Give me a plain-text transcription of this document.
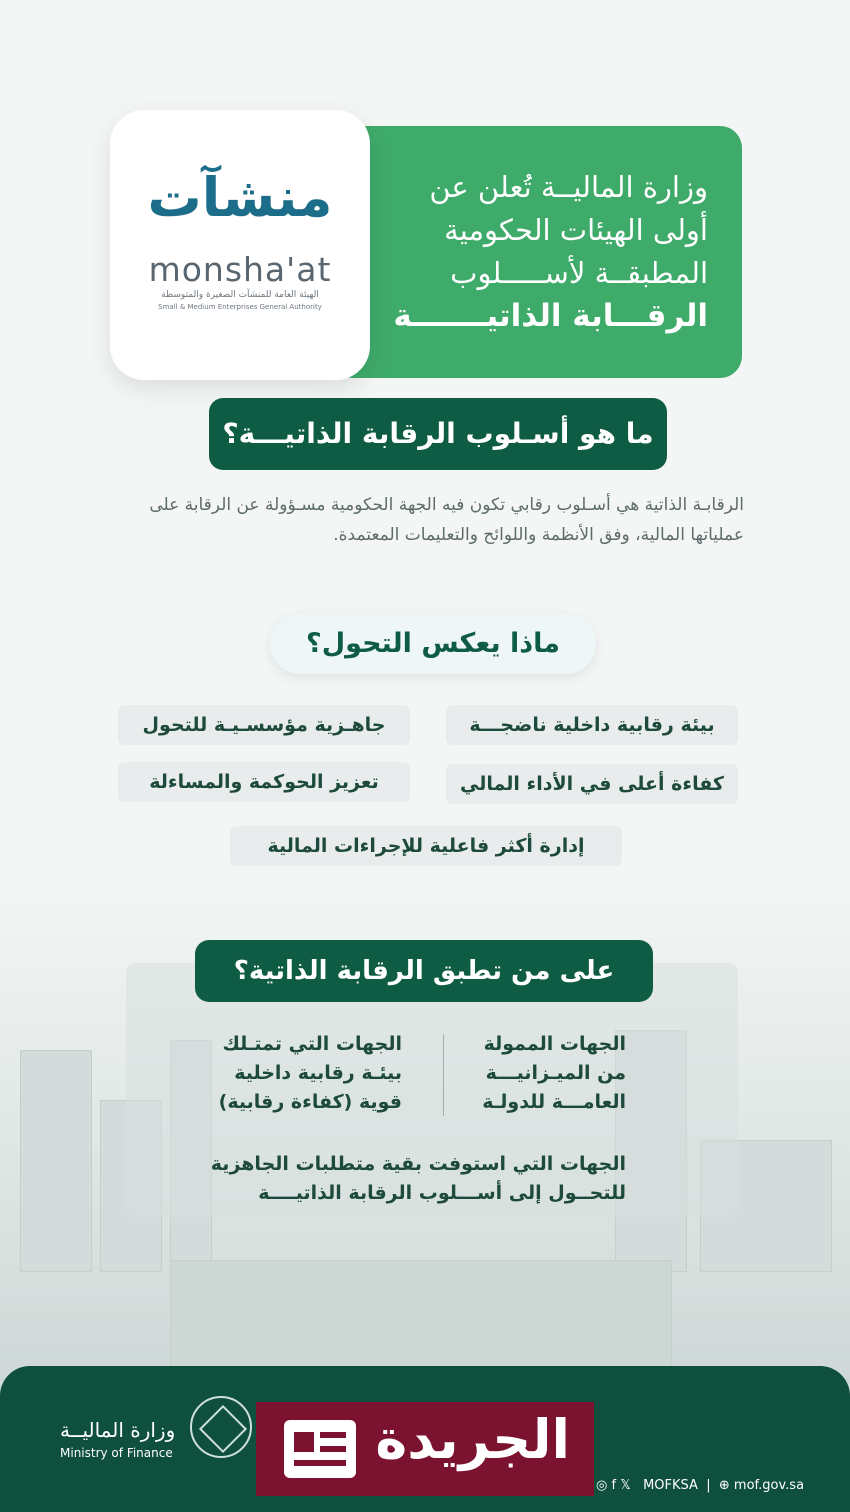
وزارة الماليــة تُعلن عن
أولى الهيئات الحكومية
المطبقــة لأســـــلوب
الرقـــابة الذاتيـــــــة
منشآت
monsha'at
الهيئة العامة للمنشآت الصغيرة والمتوسطة
Small & Medium Enterprises General Authority
ما هو أسـلوب الرقابة الذاتيـــة؟
الرقابـة الذاتية هي أسـلوب رقابي تكون فيه الجهة الحكومية مسـؤولة عن الرقابة على عملياتها المالية، وفق الأنظمة واللوائح والتعليمات المعتمدة.
ماذا يعكس التحول؟
بيئة رقابية داخلية ناضجـــة
جاهـزية مؤسسـيـة للتحول
كفاءة أعلى في الأداء المالي
تعزيز الحوكمة والمساءلة
إدارة أكثر فاعلية للإجراءات المالية
على من تطبق الرقابة الذاتية؟
الجهات الممولة
من الميـزانيـــة
العامـــة للدولـة
الجهات التي تمتـلك
بيئـة رقابية داخلية
قوية (كفاءة رقابية)
الجهات التي استوفت بقية متطلبات الجاهزية
للتحــول إلى أســـلوب الرقابة الذاتيــــة
وزارة الماليــة
Ministry of Finance	الجريدة
◎ f 𝕏 MOFKSA  |  ⊕ mof.gov.sa
